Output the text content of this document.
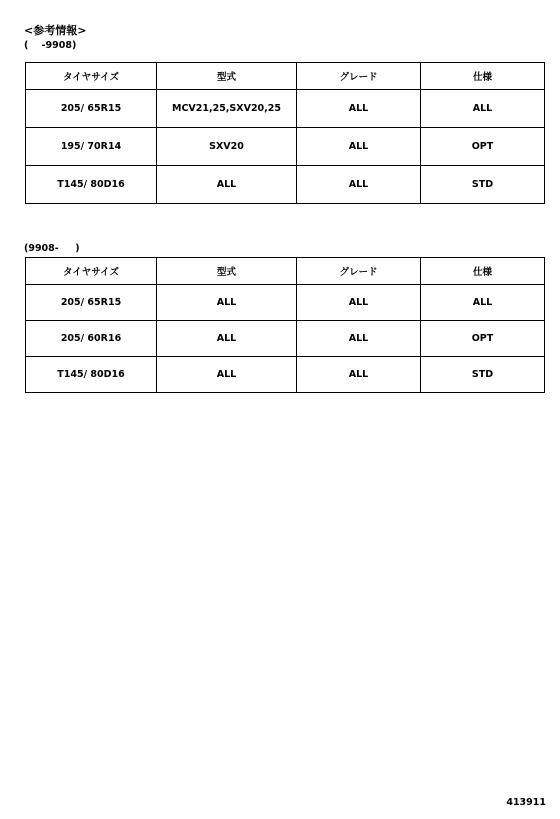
<参考情報>
(    -9908)
タイヤサイズ	型式	グレード	仕様
205/ 65R15	MCV21,25,SXV20,25	ALL	ALL
195/ 70R14	SXV20	ALL	OPT
T145/ 80D16	ALL	ALL	STD
(9908-     )
タイヤサイズ	型式	グレード	仕様
205/ 65R15	ALL	ALL	ALL
205/ 60R16	ALL	ALL	OPT
T145/ 80D16	ALL	ALL	STD
413911
